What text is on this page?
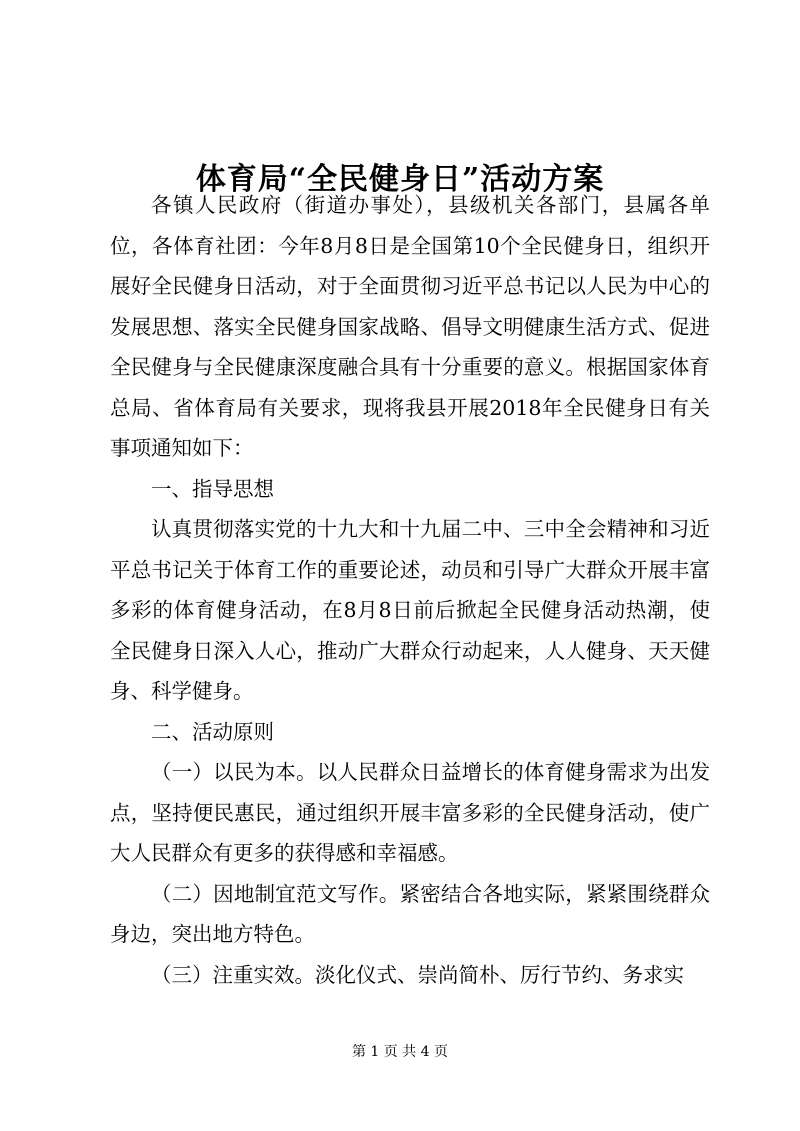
体育局“全民健身日”活动方案

各镇人民政府（街道办事处），县级机关各部门，县属各单位，各体育社团：今年8月8日是全国第10个全民健身日，组织开展好全民健身日活动，对于全面贯彻习近平总书记以人民为中心的发展思想、落实全民健身国家战略、倡导文明健康生活方式、促进全民健身与全民健康深度融合具有十分重要的意义。根据国家体育总局、省体育局有关要求，现将我县开展2018年全民健身日有关事项通知如下：

一、指导思想

认真贯彻落实党的十九大和十九届二中、三中全会精神和习近平总书记关于体育工作的重要论述，动员和引导广大群众开展丰富多彩的体育健身活动，在8月8日前后掀起全民健身活动热潮，使全民健身日深入人心，推动广大群众行动起来，人人健身、天天健身、科学健身。

二、活动原则

（一）以民为本。以人民群众日益增长的体育健身需求为出发点，坚持便民惠民，通过组织开展丰富多彩的全民健身活动，使广大人民群众有更多的获得感和幸福感。

（二）因地制宜范文写作。紧密结合各地实际，紧紧围绕群众身边，突出地方特色。

（三）注重实效。淡化仪式、崇尚简朴、厉行节约、务求实

第 1 页 共 4 页
